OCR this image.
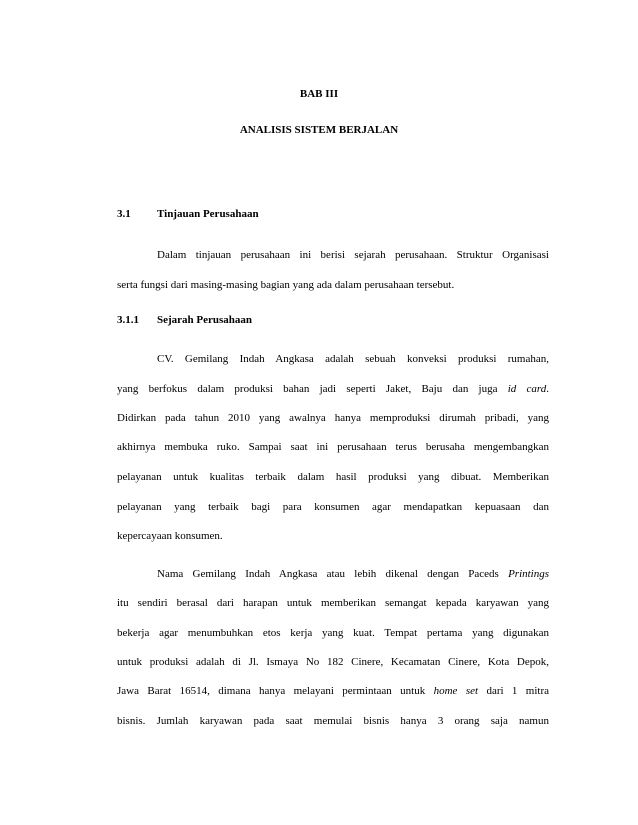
BAB III
ANALISIS SISTEM BERJALAN
3.1 Tinjauan Perusahaan
Dalam tinjauan perusahaan ini berisi sejarah perusahaan. Struktur Organisasi
serta fungsi dari masing-masing bagian yang ada dalam perusahaan tersebut.
3.1.1 Sejarah Perusahaan
CV. Gemilang Indah Angkasa adalah sebuah konveksi produksi rumahan,
yang berfokus dalam produksi bahan jadi seperti Jaket, Baju dan juga id card.
Didirkan pada tahun 2010 yang awalnya hanya memproduksi dirumah pribadi, yang
akhirnya membuka ruko. Sampai saat ini perusahaan terus berusaha mengembangkan
pelayanan untuk kualitas terbaik dalam hasil produksi yang dibuat. Memberikan
pelayanan yang terbaik bagi para konsumen agar mendapatkan kepuasaan dan
kepercayaan konsumen.
Nama Gemilang Indah Angkasa atau lebih dikenal dengan Paceds Printings
itu sendiri berasal dari harapan untuk memberikan semangat kepada karyawan yang
bekerja agar menumbuhkan etos kerja yang kuat. Tempat pertama yang digunakan
untuk produksi adalah di Jl. Ismaya No 182 Cinere, Kecamatan Cinere, Kota Depok,
Jawa Barat 16514, dimana hanya melayani permintaan untuk home set dari 1 mitra
bisnis. Jumlah karyawan pada saat memulai bisnis hanya 3 orang saja namun
